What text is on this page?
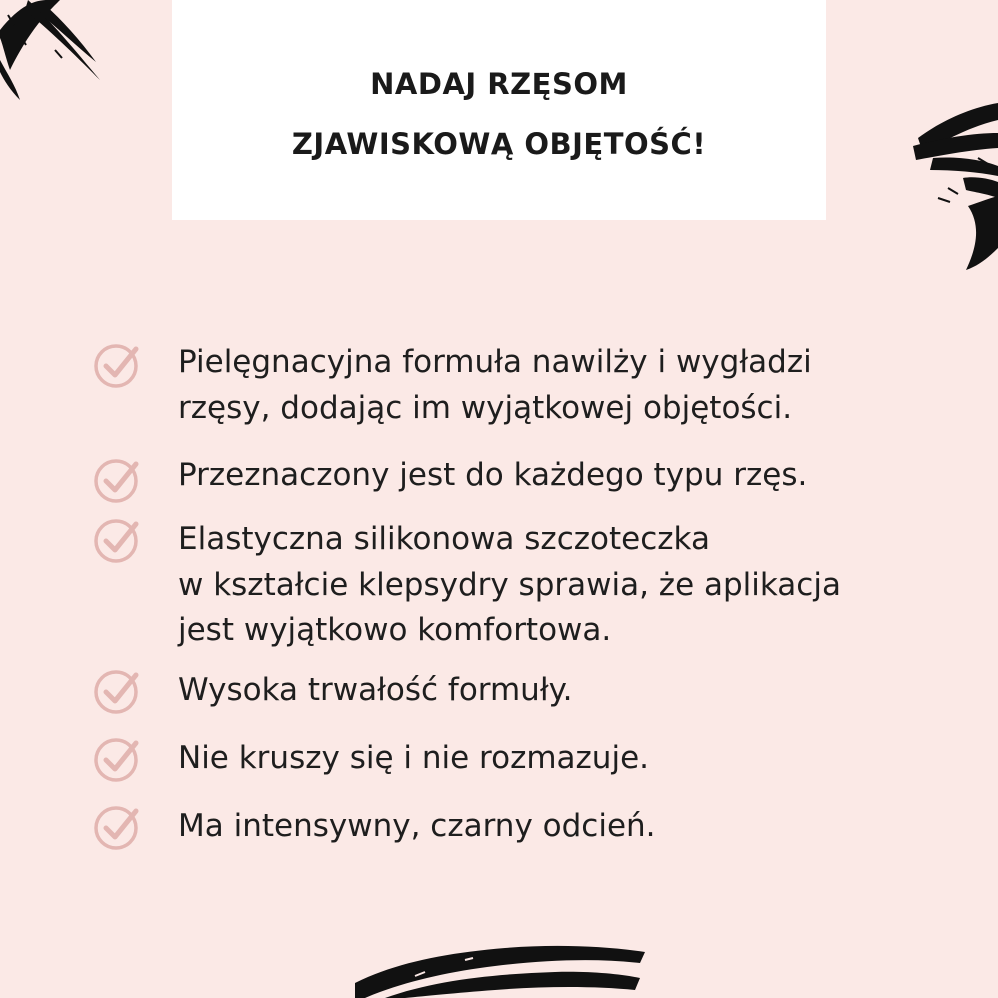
NADAJ RZĘSOM
ZJAWISKOWĄ OBJĘTOŚĆ!
Pielęgnacyjna formuła nawilży i wygładzi
rzęsy, dodając im wyjątkowej objętości.
Przeznaczony jest do każdego typu rzęs.
Elastyczna silikonowa szczoteczka
w kształcie klepsydry sprawia, że aplikacja
jest wyjątkowo komfortowa.
Wysoka trwałość formuły.
Nie kruszy się i nie rozmazuje.
Ma intensywny, czarny odcień.
